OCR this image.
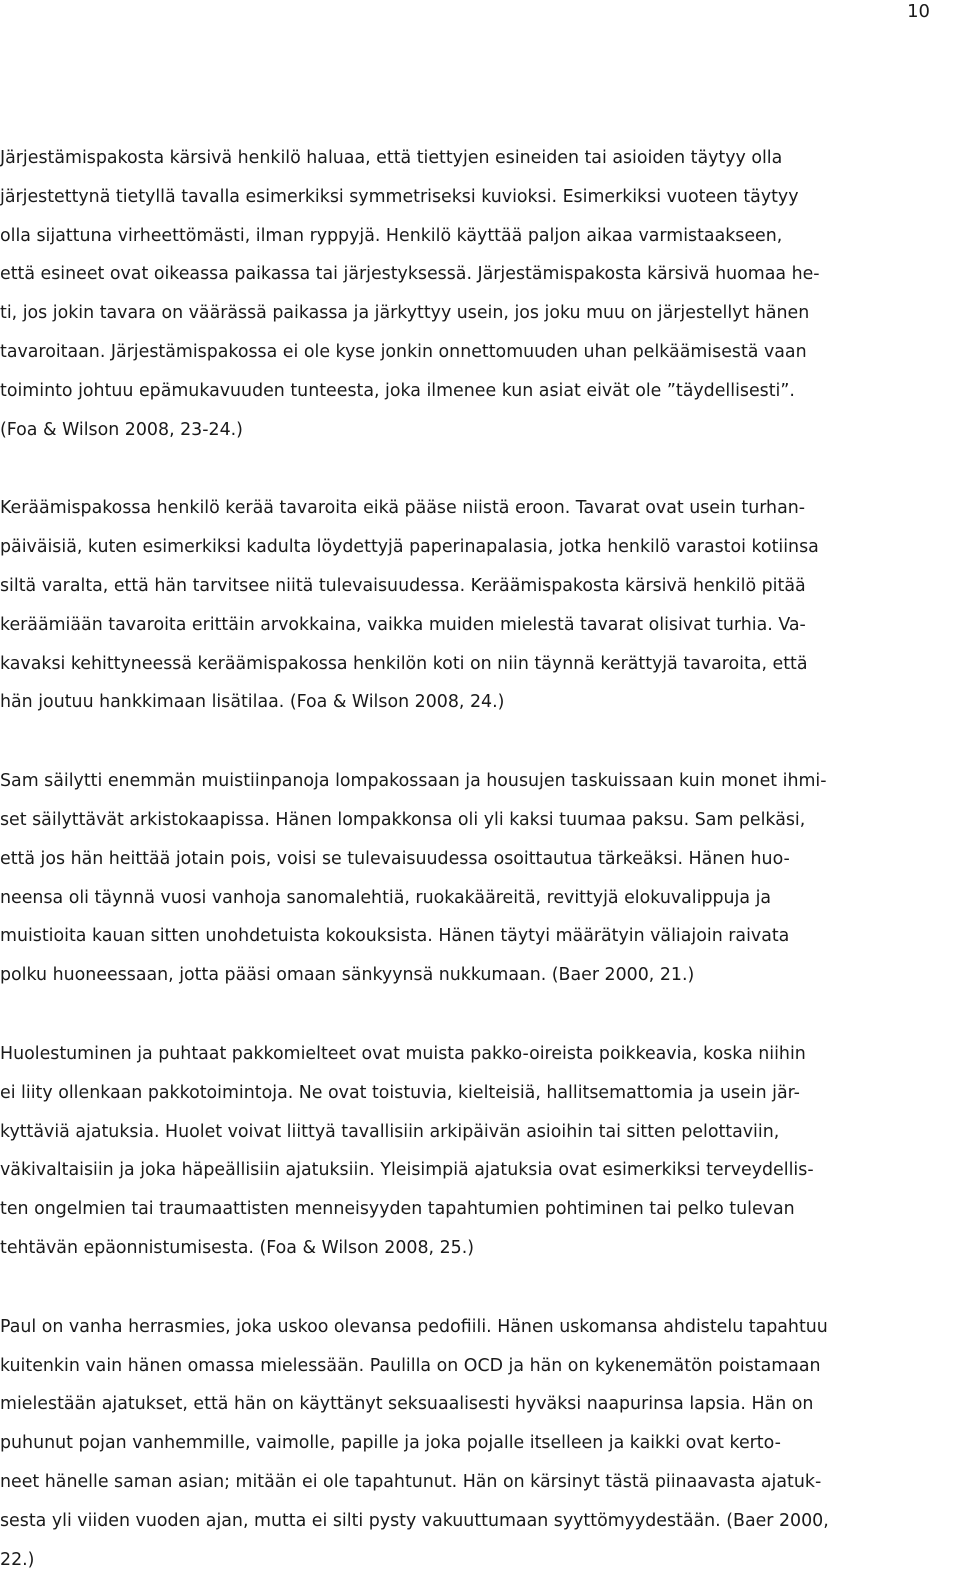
10

Järjestämispakosta kärsivä henkilö haluaa, että tiettyjen esineiden tai asioiden täytyy olla
järjestettynä tietyllä tavalla esimerkiksi symmetriseksi kuvioksi. Esimerkiksi vuoteen täytyy
olla sijattuna virheettömästi, ilman ryppyjä. Henkilö käyttää paljon aikaa varmistaakseen,
että esineet ovat oikeassa paikassa tai järjestyksessä. Järjestämispakosta kärsivä huomaa he-
ti, jos jokin tavara on väärässä paikassa ja järkyttyy usein, jos joku muu on järjestellyt hänen
tavaroitaan. Järjestämispakossa ei ole kyse jonkin onnettomuuden uhan pelkäämisestä vaan
toiminto johtuu epämukavuuden tunteesta, joka ilmenee kun asiat eivät ole ”täydellisesti”.
(Foa & Wilson 2008, 23-24.)

Keräämispakossa henkilö kerää tavaroita eikä pääse niistä eroon. Tavarat ovat usein turhan-
päiväisiä, kuten esimerkiksi kadulta löydettyjä paperinapalasia, jotka henkilö varastoi kotiinsa
siltä varalta, että hän tarvitsee niitä tulevaisuudessa. Keräämispakosta kärsivä henkilö pitää
keräämiään tavaroita erittäin arvokkaina, vaikka muiden mielestä tavarat olisivat turhia. Va-
kavaksi kehittyneessä keräämispakossa henkilön koti on niin täynnä kerättyjä tavaroita, että
hän joutuu hankkimaan lisätilaa. (Foa & Wilson 2008, 24.)

Sam säilytti enemmän muistiinpanoja lompakossaan ja housujen taskuissaan kuin monet ihmi-
set säilyttävät arkistokaapissa. Hänen lompakkonsa oli yli kaksi tuumaa paksu. Sam pelkäsi,
että jos hän heittää jotain pois, voisi se tulevaisuudessa osoittautua tärkeäksi. Hänen huo-
neensa oli täynnä vuosi vanhoja sanomalehtiä, ruokakääreitä, revittyjä elokuvalippuja ja
muistioita kauan sitten unohdetuista kokouksista. Hänen täytyi määrätyin väliajoin raivata
polku huoneessaan, jotta pääsi omaan sänkyynsä nukkumaan. (Baer 2000, 21.)

Huolestuminen ja puhtaat pakkomielteet ovat muista pakko-oireista poikkeavia, koska niihin
ei liity ollenkaan pakkotoimintoja. Ne ovat toistuvia, kielteisiä, hallitsemattomia ja usein jär-
kyttäviä ajatuksia. Huolet voivat liittyä tavallisiin arkipäivän asioihin tai sitten pelottaviin,
väkivaltaisiin ja joka häpeällisiin ajatuksiin. Yleisimpiä ajatuksia ovat esimerkiksi terveydellis-
ten ongelmien tai traumaattisten menneisyyden tapahtumien pohtiminen tai pelko tulevan
tehtävän epäonnistumisesta. (Foa & Wilson 2008, 25.)

Paul on vanha herrasmies, joka uskoo olevansa pedofiili. Hänen uskomansa ahdistelu tapahtuu
kuitenkin vain hänen omassa mielessään. Paulilla on OCD ja hän on kykenemätön poistamaan
mielestään ajatukset, että hän on käyttänyt seksuaalisesti hyväksi naapurinsa lapsia. Hän on
puhunut pojan vanhemmille, vaimolle, papille ja joka pojalle itselleen ja kaikki ovat kerto-
neet hänelle saman asian; mitään ei ole tapahtunut. Hän on kärsinyt tästä piinaavasta ajatuk-
sesta yli viiden vuoden ajan, mutta ei silti pysty vakuuttumaan syyttömyydestään. (Baer 2000,
22.)
